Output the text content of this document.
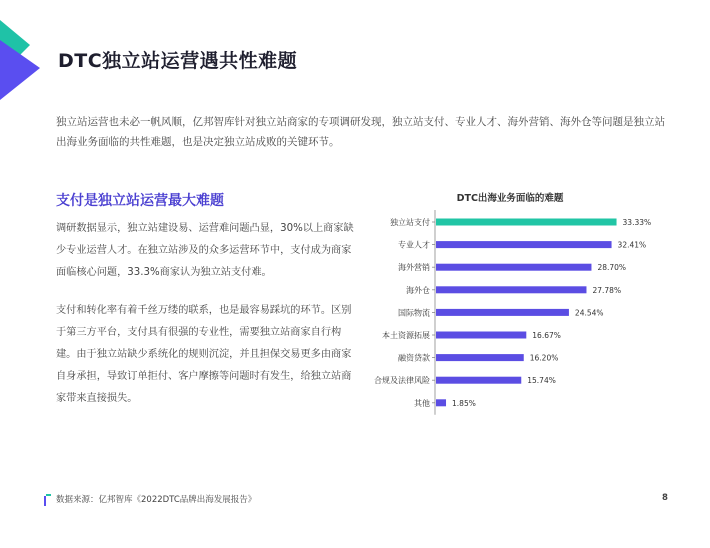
DTC独立站运营遇共性难题
独立站运营也未必一帆风顺，亿邦智库针对独立站商家的专项调研发现，独立站支付、专业人才、海外营销、海外仓等问题是独立站出海业务面临的共性难题，也是决定独立站成败的关键环节。
支付是独立站运营最大难题
调研数据显示，独立站建设易、运营难问题凸显，30%以上商家缺少专业运营人才。在独立站涉及的众多运营环节中，支付成为商家面临核心问题，33.3%商家认为独立站支付难。
支付和转化率有着千丝万缕的联系，也是最容易踩坑的环节。区别于第三方平台，支付具有很强的专业性，需要独立站商家自行构建。由于独立站缺少系统化的规则沉淀，并且担保交易更多由商家自身承担，导致订单拒付、客户摩擦等问题时有发生，给独立站商家带来直接损失。
DTC出海业务面临的难题
独立站支付	33.33%
专业人才	32.41%
海外营销	28.70%
海外仓	27.78%
国际物流	24.54%
本土资源拓展	16.67%
融资贷款	16.20%
合规及法律风险	15.74%
其他	1.85%
数据来源：亿邦智库《2022DTC品牌出海发展报告》	8
